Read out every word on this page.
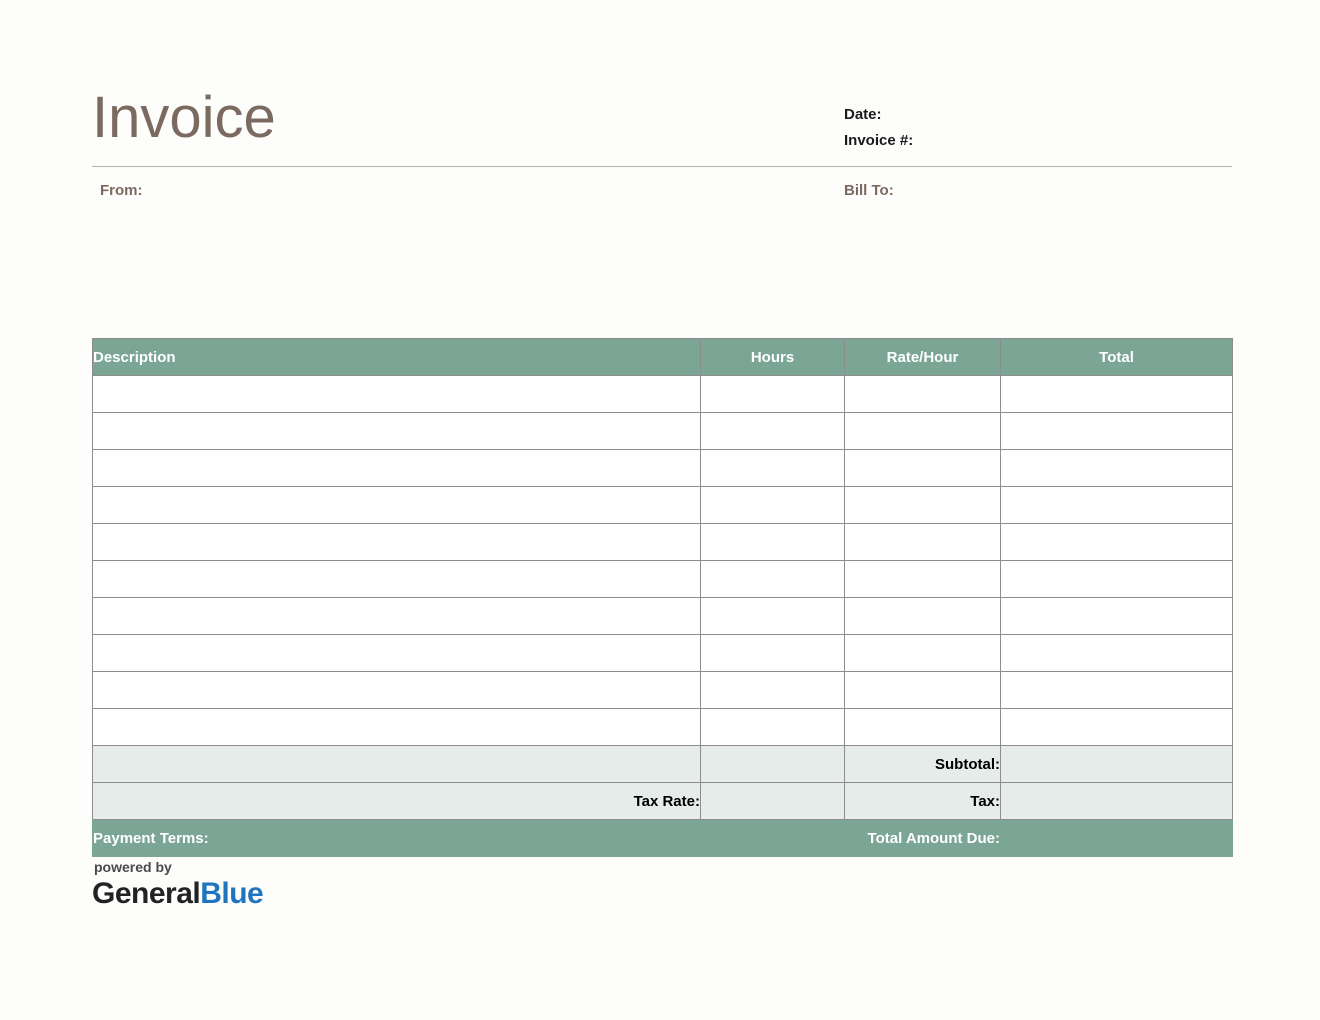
Invoice	Date:
Invoice #:
From:	Bill To:
Description	Hours	Rate/Hour	Total

		Subtotal:	
Tax Rate:		Tax:	
Payment Terms:	Total Amount Due:		
powered by
GeneralBlue
